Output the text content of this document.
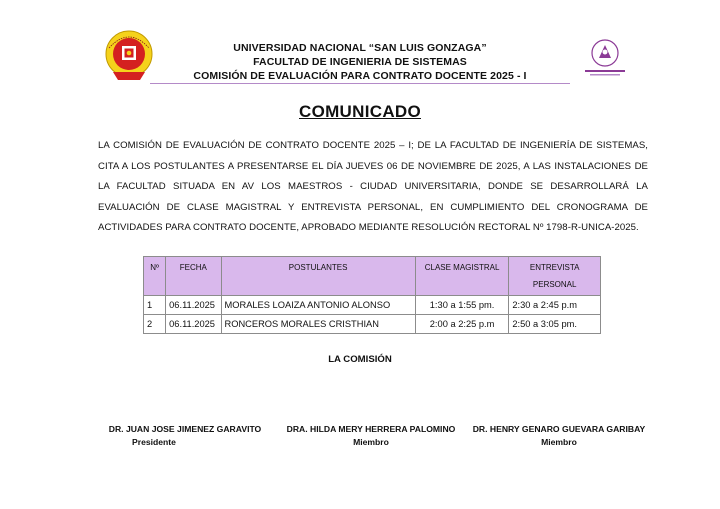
UNIVERSIDAD NACIONAL “SAN LUIS GONZAGA”
FACULTAD DE INGENIERIA DE SISTEMAS
COMISIÓN DE EVALUACIÓN PARA CONTRATO DOCENTE 2025 - I
COMUNICADO
LA COMISIÓN DE EVALUACIÓN DE CONTRATO DOCENTE 2025 – I; DE LA FACULTAD DE INGENIERÍA DE SISTEMAS, CITA A LOS POSTULANTES A PRESENTARSE EL DÍA JUEVES 06 DE NOVIEMBRE DE 2025, A LAS INSTALACIONES DE LA FACULTAD SITUADA EN AV LOS MAESTROS - CIUDAD UNIVERSITARIA, DONDE SE DESARROLLARÁ LA EVALUACIÓN DE CLASE MAGISTRAL Y ENTREVISTA PERSONAL, EN CUMPLIMIENTO DEL CRONOGRAMA DE ACTIVIDADES PARA CONTRATO DOCENTE, APROBADO MEDIANTE RESOLUCIÓN RECTORAL Nº 1798-R-UNICA-2025.
Nº	FECHA	POSTULANTES	CLASE MAGISTRAL	ENTREVISTA PERSONAL
1	06.11.2025	MORALES LOAIZA ANTONIO ALONSO	1:30 a 1:55 pm.	2:30 a 2:45 p.m
2	06.11.2025	RONCEROS MORALES CRISTHIAN	2:00 a 2:25 p.m	2:50 a 3:05 pm.
LA COMISIÓN
DR. JUAN JOSE JIMENEZ GARAVITO
Presidente
DRA. HILDA MERY HERRERA PALOMINO
Miembro
DR. HENRY GENARO GUEVARA GARIBAY
Miembro
